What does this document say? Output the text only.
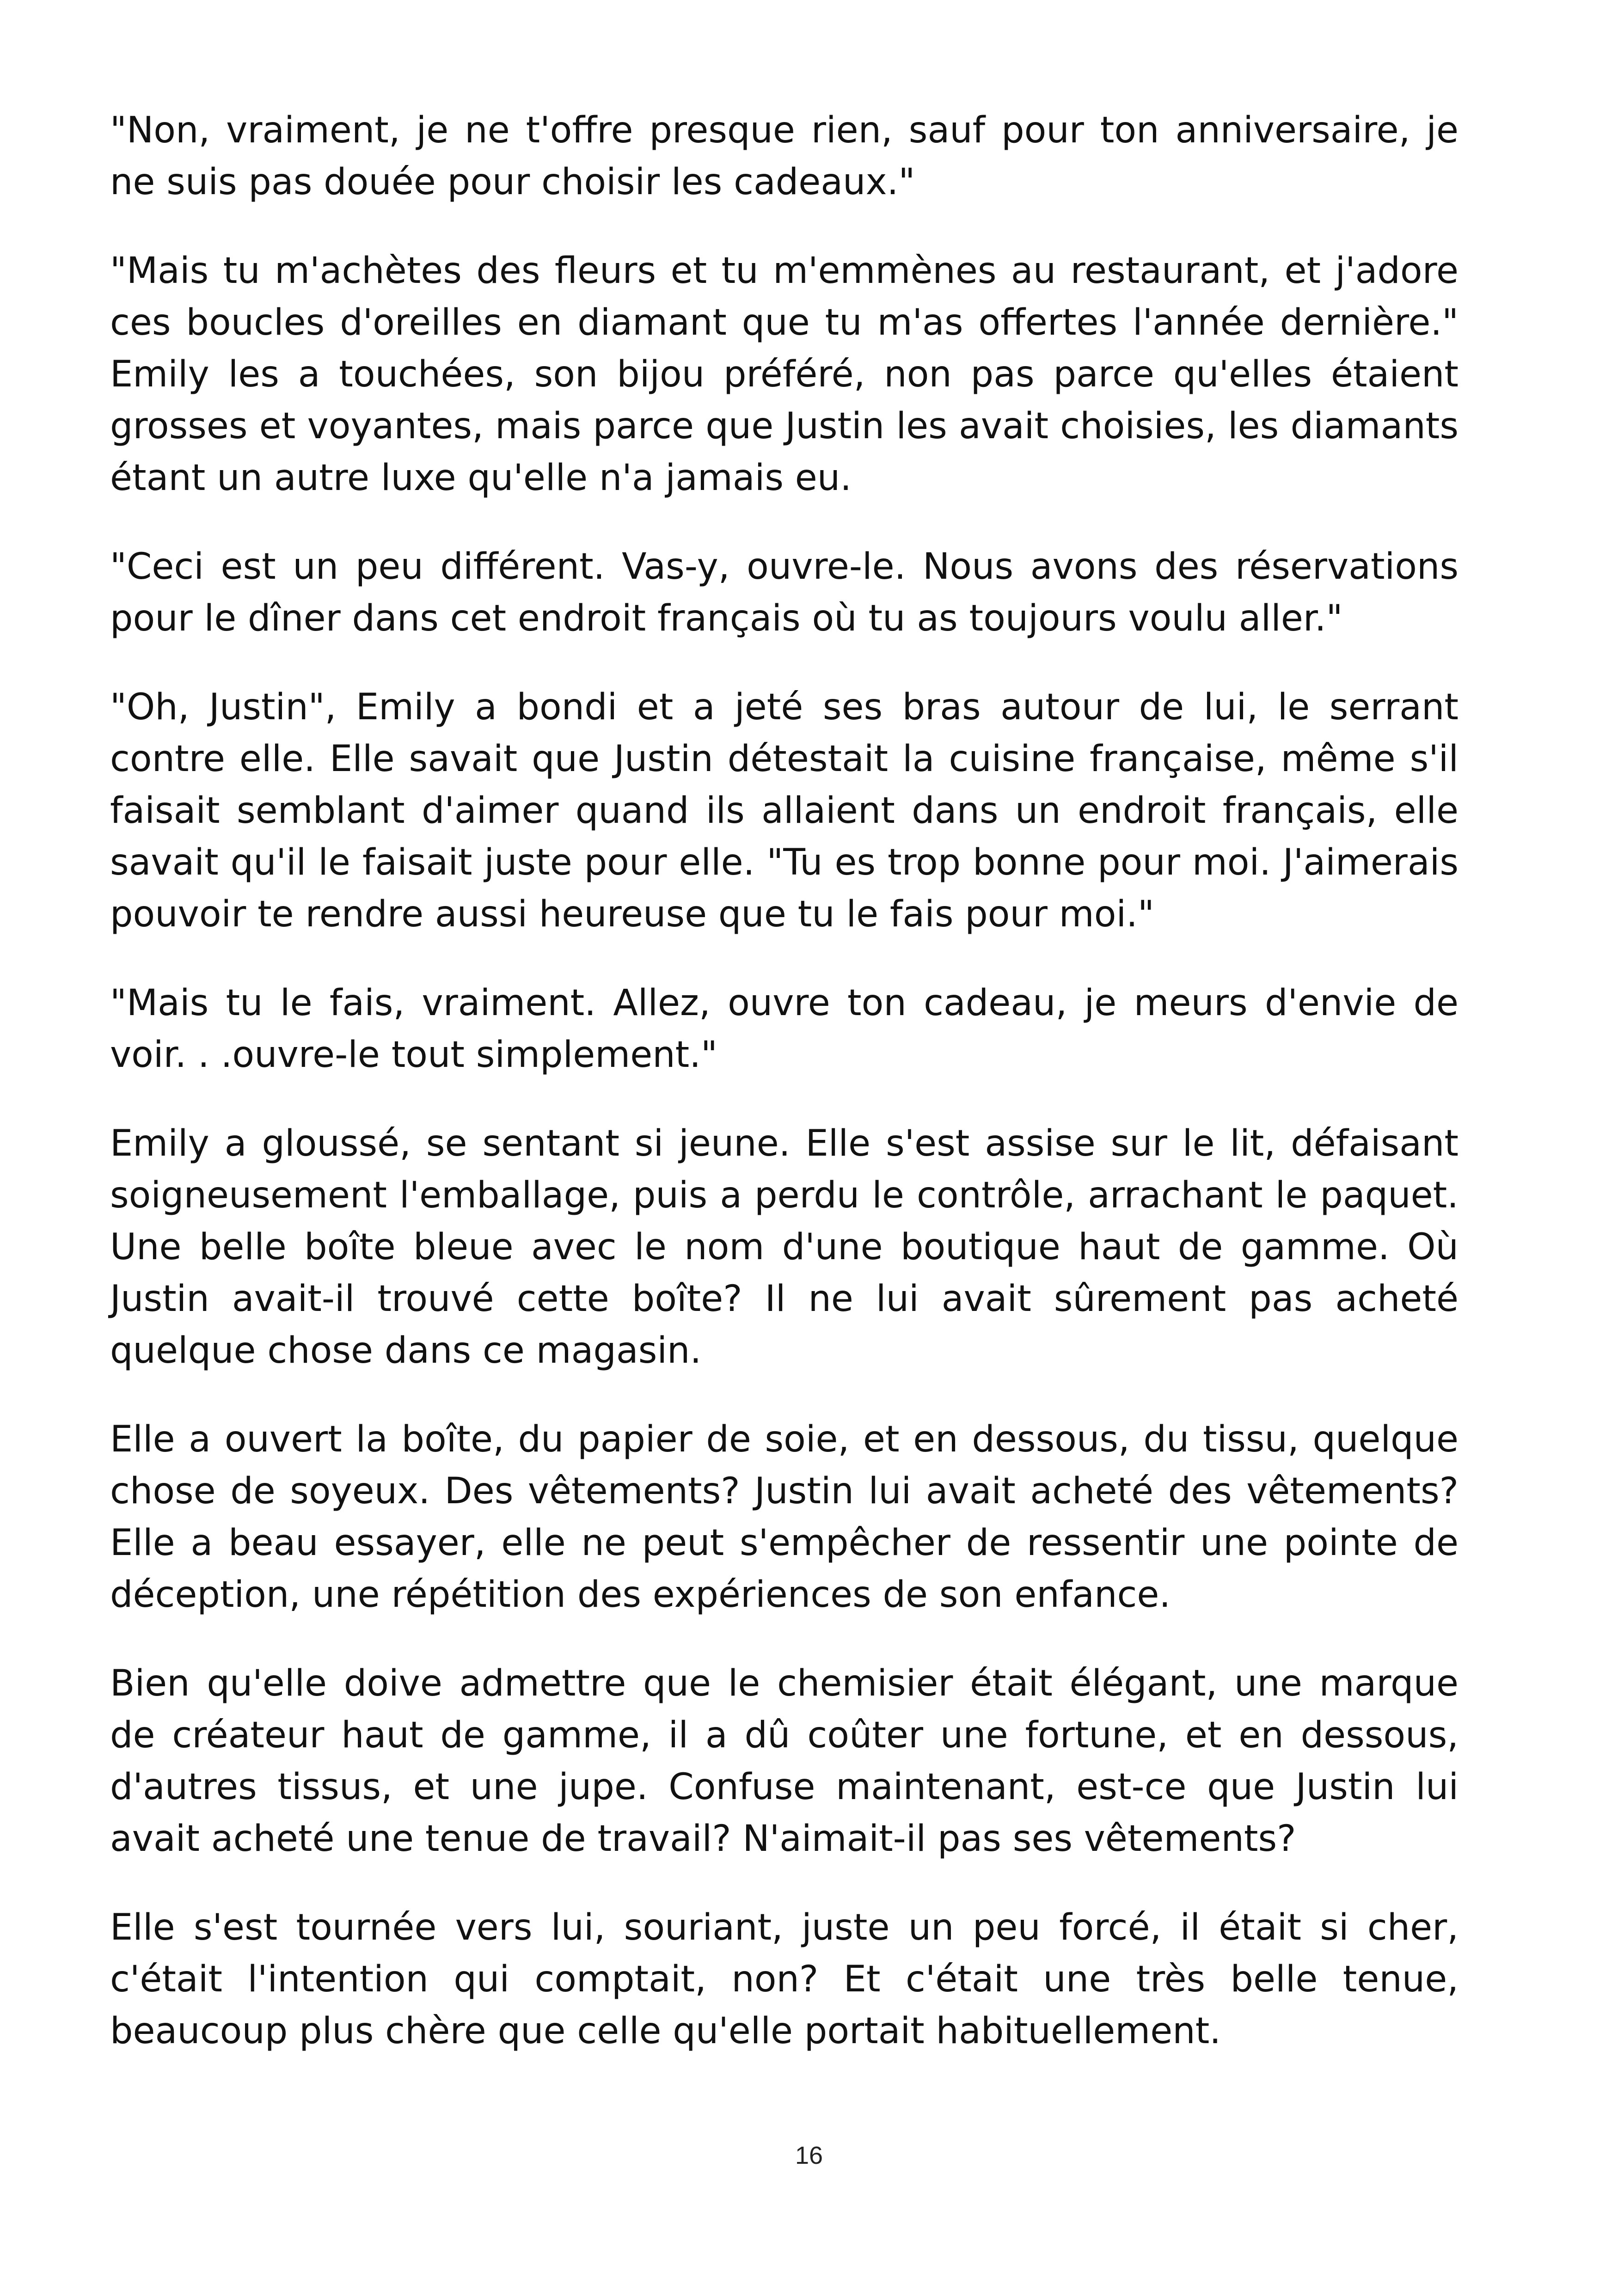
"Non, vraiment, je ne t'offre presque rien, sauf pour ton anniversaire, je ne suis pas douée pour choisir les cadeaux."

"Mais tu m'achètes des fleurs et tu m'emmènes au restaurant, et j'adore ces boucles d'oreilles en diamant que tu m'as offertes l'année dernière." Emily les a touchées, son bijou préféré, non pas parce qu'elles étaient grosses et voyantes, mais parce que Justin les avait choisies, les diamants étant un autre luxe qu'elle n'a jamais eu.

"Ceci est un peu différent. Vas-y, ouvre-le. Nous avons des réservations pour le dîner dans cet endroit français où tu as toujours voulu aller."

"Oh, Justin", Emily a bondi et a jeté ses bras autour de lui, le serrant contre elle. Elle savait que Justin détestait la cuisine française, même s'il faisait semblant d'aimer quand ils allaient dans un endroit français, elle savait qu'il le faisait juste pour elle. "Tu es trop bonne pour moi. J'aimerais pouvoir te rendre aussi heureuse que tu le fais pour moi."

"Mais tu le fais, vraiment. Allez, ouvre ton cadeau, je meurs d'envie de voir. . .ouvre-le tout simplement."

Emily a gloussé, se sentant si jeune. Elle s'est assise sur le lit, défaisant soigneusement l'emballage, puis a perdu le contrôle, arrachant le paquet. Une belle boîte bleue avec le nom d'une boutique haut de gamme. Où Justin avait-il trouvé cette boîte? Il ne lui avait sûrement pas acheté quelque chose dans ce magasin.

Elle a ouvert la boîte, du papier de soie, et en dessous, du tissu, quelque chose de soyeux. Des vêtements? Justin lui avait acheté des vêtements? Elle a beau essayer, elle ne peut s'empêcher de ressentir une pointe de déception, une répétition des expériences de son enfance.

Bien qu'elle doive admettre que le chemisier était élégant, une marque de créateur haut de gamme, il a dû coûter une fortune, et en dessous, d'autres tissus, et une jupe. Confuse maintenant, est-ce que Justin lui avait acheté une tenue de travail? N'aimait-il pas ses vêtements?

Elle s'est tournée vers lui, souriant, juste un peu forcé, il était si cher, c'était l'intention qui comptait, non? Et c'était une très belle tenue, beaucoup plus chère que celle qu'elle portait habituellement.

16
